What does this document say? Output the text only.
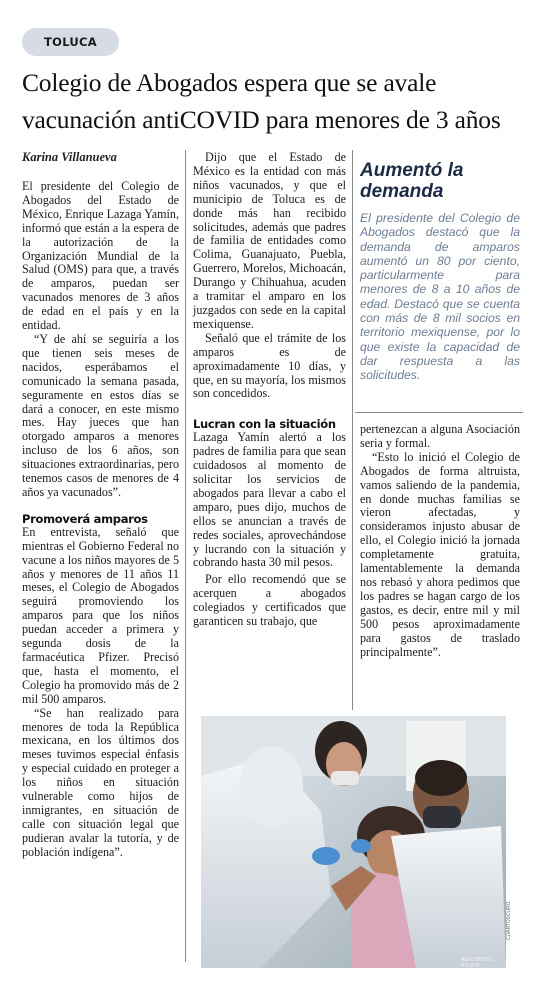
TOLUCA
Colegio de Abogados espera que se avale vacunación antiCOVID para menores de 3 años
Karina Villanueva

El presidente del Colegio de Abogados del Estado de México, Enrique Lazaga Yamín, informó que están a la espera de la autorización de la Organización Mundial de la Salud (OMS) para que, a través de amparos, puedan ser vacunados menores de 3 años de edad en el país y en la entidad.

“Y de ahí se seguiría a los que tienen seis meses de nacidos, esperábamos el comunicado la semana pasada, seguramente en estos días se dará a conocer, en este mismo mes. Hay jueces que han otorgado amparos a menores incluso de los 6 años, son situaciones extraordinarias, pero tenemos casos de menores de 4 años ya vacunados”.

Promoverá amparos

En entrevista, señaló que mientras el Gobierno Federal no vacune a los niños mayores de 5 años y menores de 11 años 11 meses, el Colegio de Abogados seguirá promoviendo los amparos para que los niños puedan acceder a primera y segunda dosis de la farmacéutica Pfizer. Precisó que, hasta el momento, el Colegio ha promovido más de 2 mil 500 amparos.

“Se han realizado para menores de toda la República mexicana, en los últimos dos meses tuvimos especial énfasis y especial cuidado en proteger a los niños en situación vulnerable como hijos de inmigrantes, en situación de calle con situación legal que pudieran avalar la tutoría, y de población indígena”.

Dijo que el Estado de México es la entidad con más niños vacunados, y que el municipio de Toluca es de donde más han recibido solicitudes, además que padres de familia de entidades como Colima, Guanajuato, Puebla, Guerrero, Morelos, Michoacán, Durango y Chihuahua, acuden a tramitar el amparo en los juzgados con sede en la capital mexiquense.

Señaló que el trámite de los amparos es de aproximadamente 10 días, y que, en su mayoría, los mismos son concedidos.

Lucran con la situación

Lazaga Yamín alertó a los padres de familia para que sean cuidadosos al momento de solicitar los servicios de abogados para llevar a cabo el amparo, pues dijo, muchos de ellos se anuncian a través de redes sociales, aprovechándose y lucrando con la situación y cobrando hasta 30 mil pesos.

Por ello recomendó que se acerquen a abogados colegiados y certificados que garanticen su trabajo, que

Aumentó la demanda

El presidente del Colegio de Abogados destacó que la demanda de amparos aumentó un 80 por ciento, particularmente para menores de 8 a 10 años de edad. Destacó que se cuenta con más de 8 mil socios en territorio mexiquense, por lo que existe la capacidad de dar respuesta a las solicitudes.

pertenezcan a alguna Asociación seria y formal.

“Esto lo inició el Colegio de Abogados de forma altruista, vamos saliendo de la pandemia, en donde muchas familias se vieron afectadas, y consideramos injusto abusar de ello, el Colegio inició la jornada completamente gratuita, lamentablemente la demanda nos rebasó y ahora pedimos que los padres se hagan cargo de los gastos, es decir, entre mil y mil 500 pesos aproximadamente para gastos de traslado principalmente”.

AGALBERTO ROQUE
CUARTOSCURO
